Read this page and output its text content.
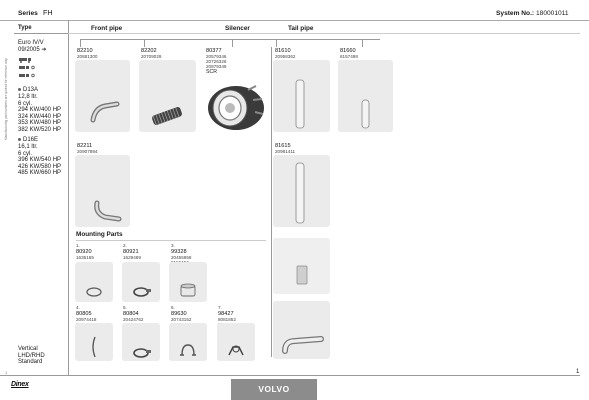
Series FH	System No.: 180001011
Manufacturing part numbers are quoted for reference only
Type
Euro IV/V
09/2005 ➔
D13A
12,8 ltr.
6 cyl.
294 KW/400 HP
324 KW/440 HP
353 KW/480 HP
382 KW/520 HP
D16E
16,1 ltr.
6 cyl.
396 KW/540 HP
426 KW/580 HP
485 KW/660 HP
Vertical
LHD/RHD
Standard
Front pipe	Silencer	Tail pipe
82210
20881300
82202
20709029
80377
20579346
20726326
20879349
SCR
81610
20958362
81660
8157498
82211
20907894
81615
20981411
Mounting Parts
1.
80920
1635165
2.
80921
1629469
3.
99328
20455958
4.
80805
20974418
5.
80804
20424762
6.
89630
20743152
7.
98427
8081852
1
1
Dinex	VOLVO
